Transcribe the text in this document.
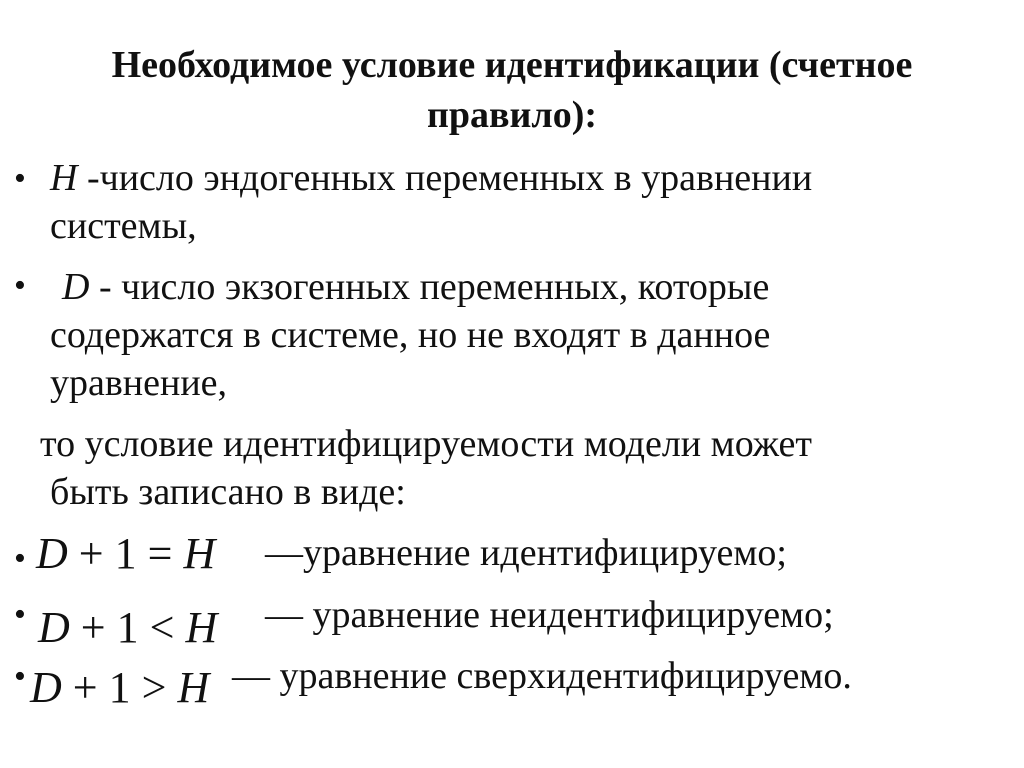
Необходимое условие идентификации (счетное
правило):
• H -число эндогенных переменных в уравнении
системы,
• D - число экзогенных переменных, которые
содержатся в системе, но не входят в данное
уравнение,
то условие идентифицируемости модели может
быть записано в виде:
• D + 1 = H —уравнение идентифицируемо;
• D + 1 < H — уравнение неидентифицируемо;
• D + 1 > H — уравнение сверхидентифицируемо.
